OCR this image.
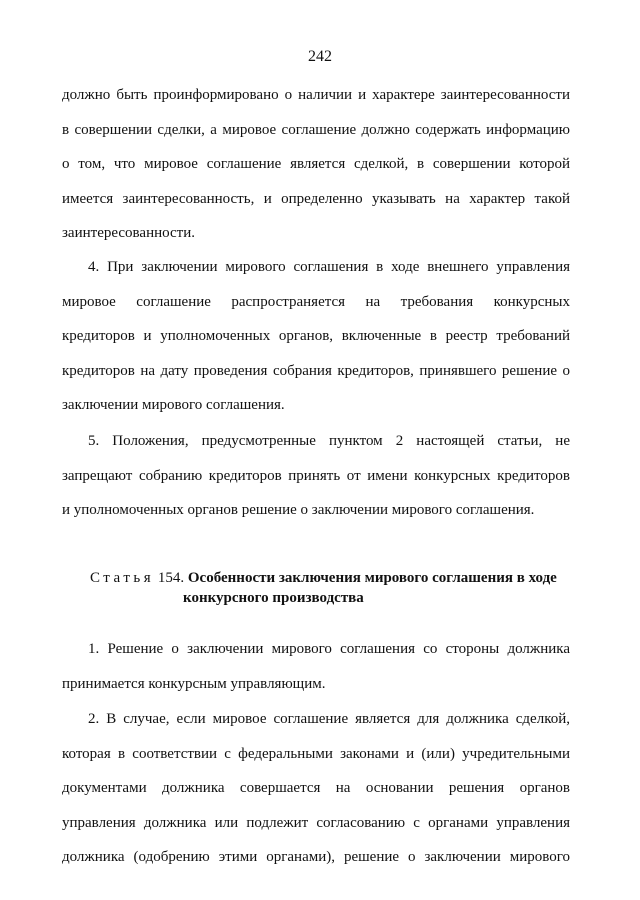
242
должно быть проинформировано о наличии и характере заинтересованности
в совершении сделки, а мировое соглашение должно содержать информацию
о том, что мировое соглашение является сделкой, в совершении которой
имеется заинтересованность, и определенно указывать на характер такой
заинтересованности.
4. При заключении мирового соглашения в ходе внешнего управления
мировое соглашение распространяется на требования конкурсных
кредиторов и уполномоченных органов, включенные в реестр требований
кредиторов на дату проведения собрания кредиторов, принявшего решение о
заключении мирового соглашения.
5. Положения, предусмотренные пунктом 2 настоящей статьи, не
запрещают собранию кредиторов принять от имени конкурсных кредиторов
и уполномоченных органов решение о заключении мирового соглашения.
Статья 154. Особенности заключения мирового соглашения в ходе
конкурсного производства
1. Решение о заключении мирового соглашения со стороны должника
принимается конкурсным управляющим.
2. В случае, если мировое соглашение является для должника сделкой,
которая в соответствии с федеральными законами и (или) учредительными
документами должника совершается на основании решения органов
управления должника или подлежит согласованию с органами управления
должника (одобрению этими органами), решение о заключении мирового
